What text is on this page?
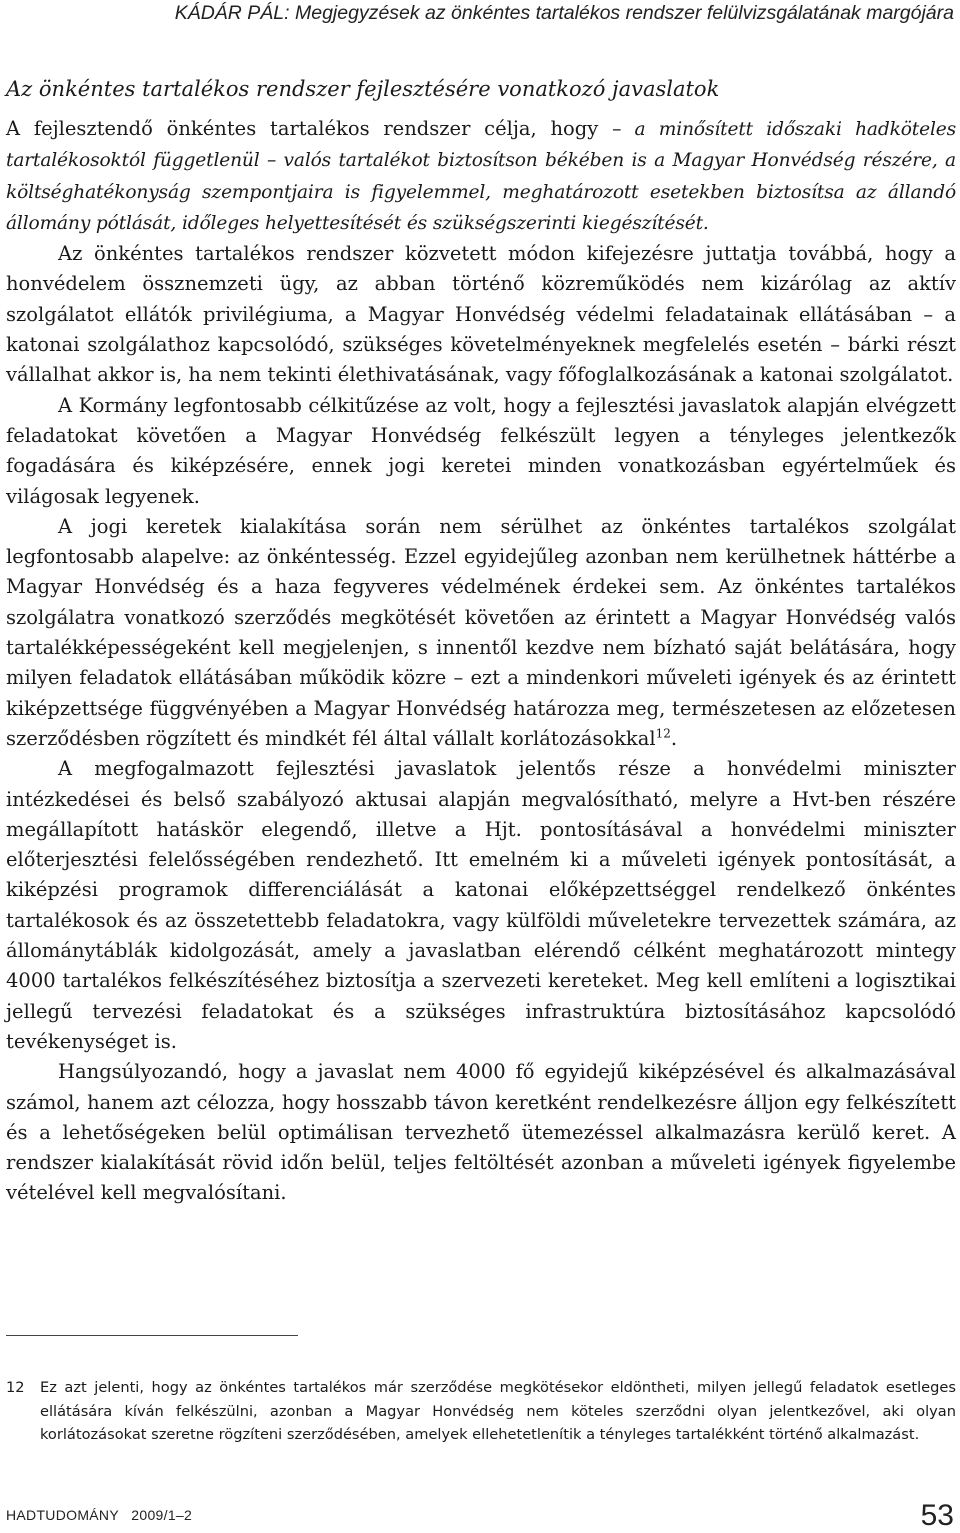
KÁDÁR PÁL: Megjegyzések az önkéntes tartalékos rendszer felülvizsgálatának margójára
Az önkéntes tartalékos rendszer fejlesztésére vonatkozó javaslatok

A fejlesztendő önkéntes tartalékos rendszer célja, hogy – a minősített időszaki hadköteles tartalékosoktól függetlenül – valós tartalékot biztosítson békében is a Magyar Honvédség részére, a költséghatékonyság szempontjaira is figyelemmel, meghatározott esetekben biztosítsa az állandó állomány pótlását, időleges helyettesítését és szükségszerinti kiegészítését.

Az önkéntes tartalékos rendszer közvetett módon kifejezésre juttatja továbbá, hogy a honvédelem össznemzeti ügy, az abban történő közreműködés nem kizárólag az aktív szolgálatot ellátók privilégiuma, a Magyar Honvédség védelmi feladatainak ellátásában – a katonai szolgálathoz kapcsolódó, szükséges követelményeknek megfelelés esetén – bárki részt vállalhat akkor is, ha nem tekinti élethivatásának, vagy főfoglalkozásának a katonai szolgálatot.

A Kormány legfontosabb célkitűzése az volt, hogy a fejlesztési javaslatok alapján elvégzett feladatokat követően a Magyar Honvédség felkészült legyen a tényleges jelentkezők fogadására és kiképzésére, ennek jogi keretei minden vonatkozásban egyértelműek és világosak legyenek.

A jogi keretek kialakítása során nem sérülhet az önkéntes tartalékos szolgálat legfontosabb alapelve: az önkéntesség. Ezzel egyidejűleg azonban nem kerülhetnek háttérbe a Magyar Honvédség és a haza fegyveres védelmének érdekei sem. Az önkéntes tartalékos szolgálatra vonatkozó szerződés megkötését követően az érintett a Magyar Honvédség valós tartalékképességeként kell megjelenjen, s innentől kezdve nem bízható saját belátására, hogy milyen feladatok ellátásában működik közre – ezt a mindenkori műveleti igények és az érintett kiképzettsége függvényében a Magyar Honvédség határozza meg, természetesen az előzetesen szerződésben rögzített és mindkét fél által vállalt korlátozásokkal$^{12}$.

A megfogalmazott fejlesztési javaslatok jelentős része a honvédelmi miniszter intézkedései és belső szabályozó aktusai alapján megvalósítható, melyre a Hvt-ben részére megállapított hatáskör elegendő, illetve a Hjt. pontosításával a honvédelmi miniszter előterjesztési felelősségében rendezhető. Itt emelném ki a műveleti igények pontosítását, a kiképzési programok differenciálását a katonai előképzettséggel rendelkező önkéntes tartalékosok és az összetettebb feladatokra, vagy külföldi műveletekre tervezettek számára, az állománytáblák kidolgozását, amely a javaslatban elérendő célként meghatározott mintegy 4000 tartalékos felkészítéséhez biztosítja a szervezeti kereteket. Meg kell említeni a logisztikai jellegű tervezési feladatokat és a szükséges infrastruktúra biztosításához kapcsolódó tevékenységet is.

Hangsúlyozandó, hogy a javaslat nem 4000 fő egyidejű kiképzésével és alkalmazásával számol, hanem azt célozza, hogy hosszabb távon keretként rendelkezésre álljon egy felkészített és a lehetőségeken belül optimálisan tervezhető ütemezéssel alkalmazásra kerülő keret. A rendszer kialakítását rövid időn belül, teljes feltöltését azonban a műveleti igények figyelembe vételével kell megvalósítani.

12	Ez azt jelenti, hogy az önkéntes tartalékos már szerződése megkötésekor eldöntheti, milyen jellegű feladatok esetleges ellátására kíván felkészülni, azonban a Magyar Honvédség nem köteles szerződni olyan jelentkezővel, aki olyan korlátozásokat szeretne rögzíteni szerződésében, amelyek ellehetetlenítik a tényleges tartalékként történő alkalmazást.
HADTUDOMÁNY   2009/1–2	53
